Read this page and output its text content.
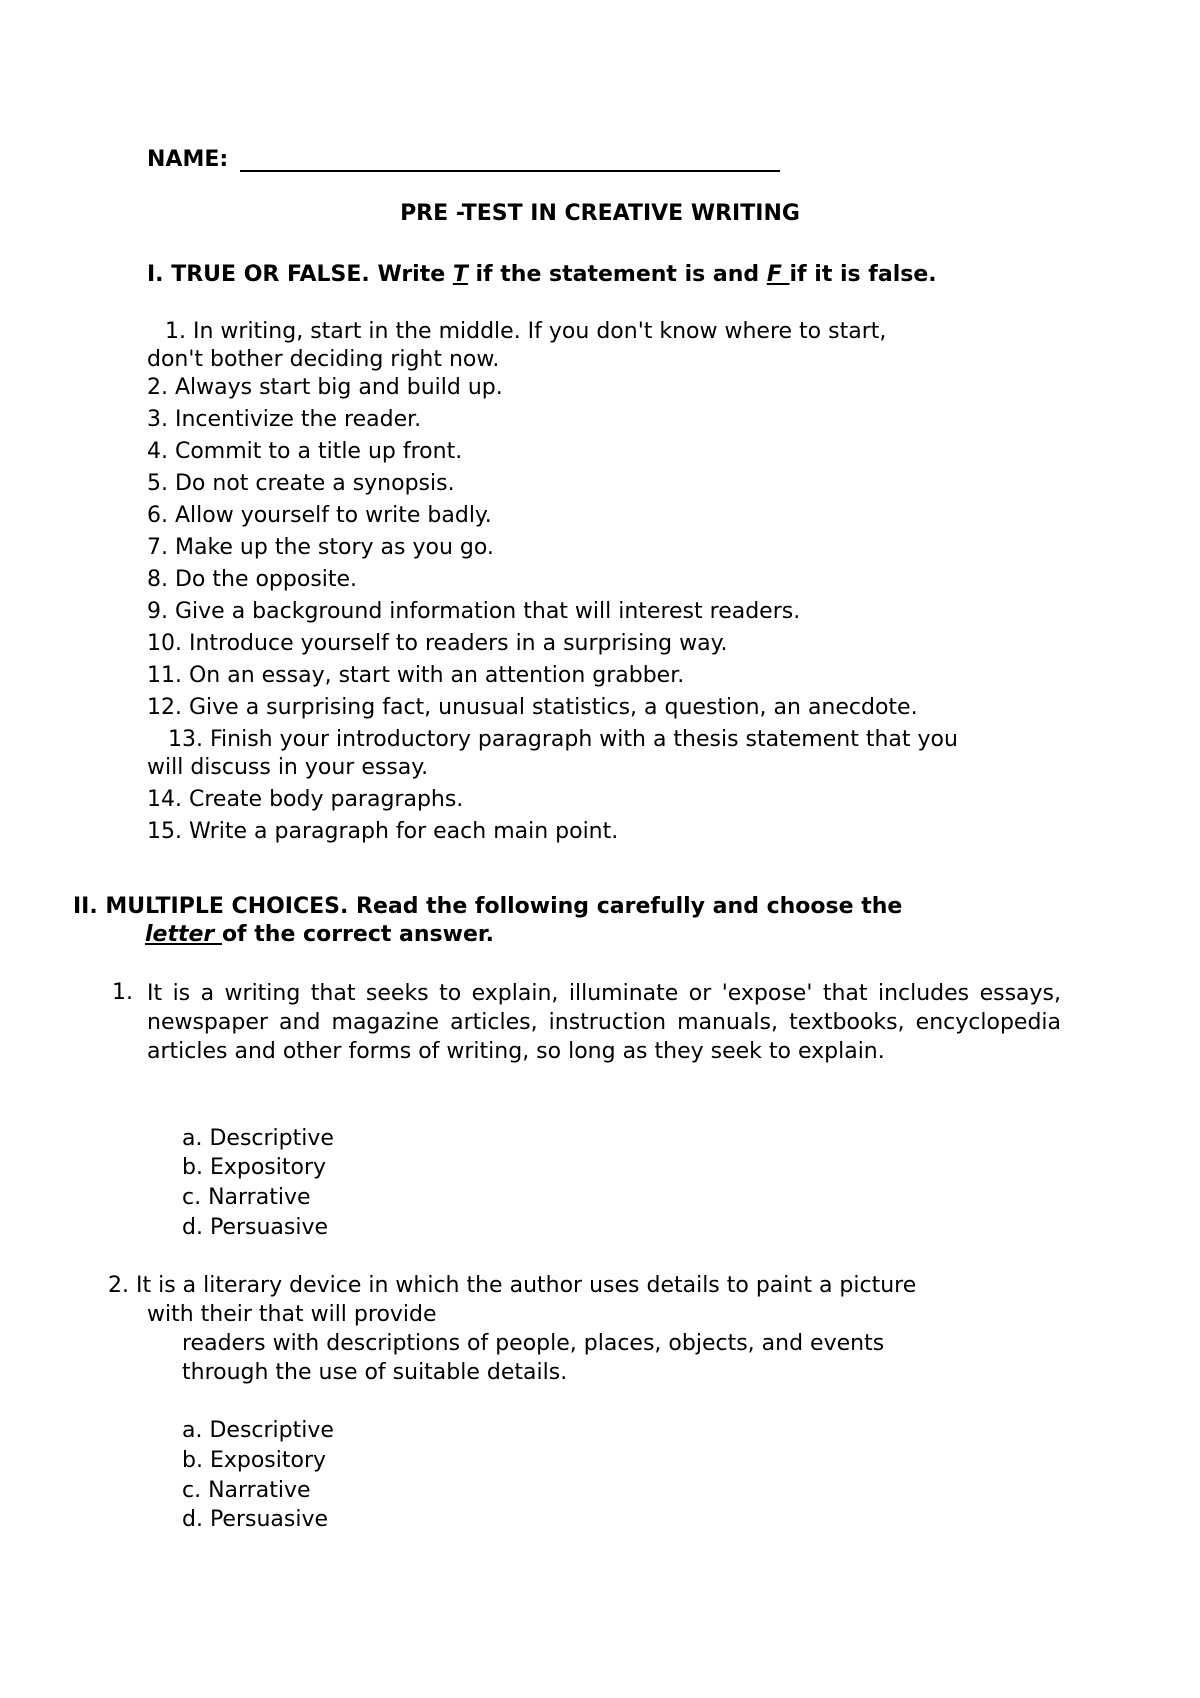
NAME:
PRE -TEST IN CREATIVE WRITING
I. TRUE OR FALSE. Write T if the statement is and F if it is false.
1. In writing, start in the middle. If you don't know where to start,
don't bother deciding right now.
2. Always start big and build up.
3. Incentivize the reader.
4. Commit to a title up front.
5. Do not create a synopsis.
6. Allow yourself to write badly.
7. Make up the story as you go.
8. Do the opposite.
9. Give a background information that will interest readers.
10. Introduce yourself to readers in a surprising way.
11. On an essay, start with an attention grabber.
12. Give a surprising fact, unusual statistics, a question, an anecdote.
13. Finish your introductory paragraph with a thesis statement that you
will discuss in your essay.
14. Create body paragraphs.
15. Write a paragraph for each main point.
II. MULTIPLE CHOICES. Read the following carefully and choose the
letter of the correct answer.
1. It is a writing that seeks to explain, illuminate or 'expose' that includes essays, newspaper and magazine articles, instruction manuals, textbooks, encyclopedia articles and other forms of writing, so long as they seek to explain.
a. Descriptive
b. Expository
c. Narrative
d. Persuasive
2. It is a literary device in which the author uses details to paint a picture
with their that will provide
readers with descriptions of people, places, objects, and events
through the use of suitable details.
a. Descriptive
b. Expository
c. Narrative
d. Persuasive
